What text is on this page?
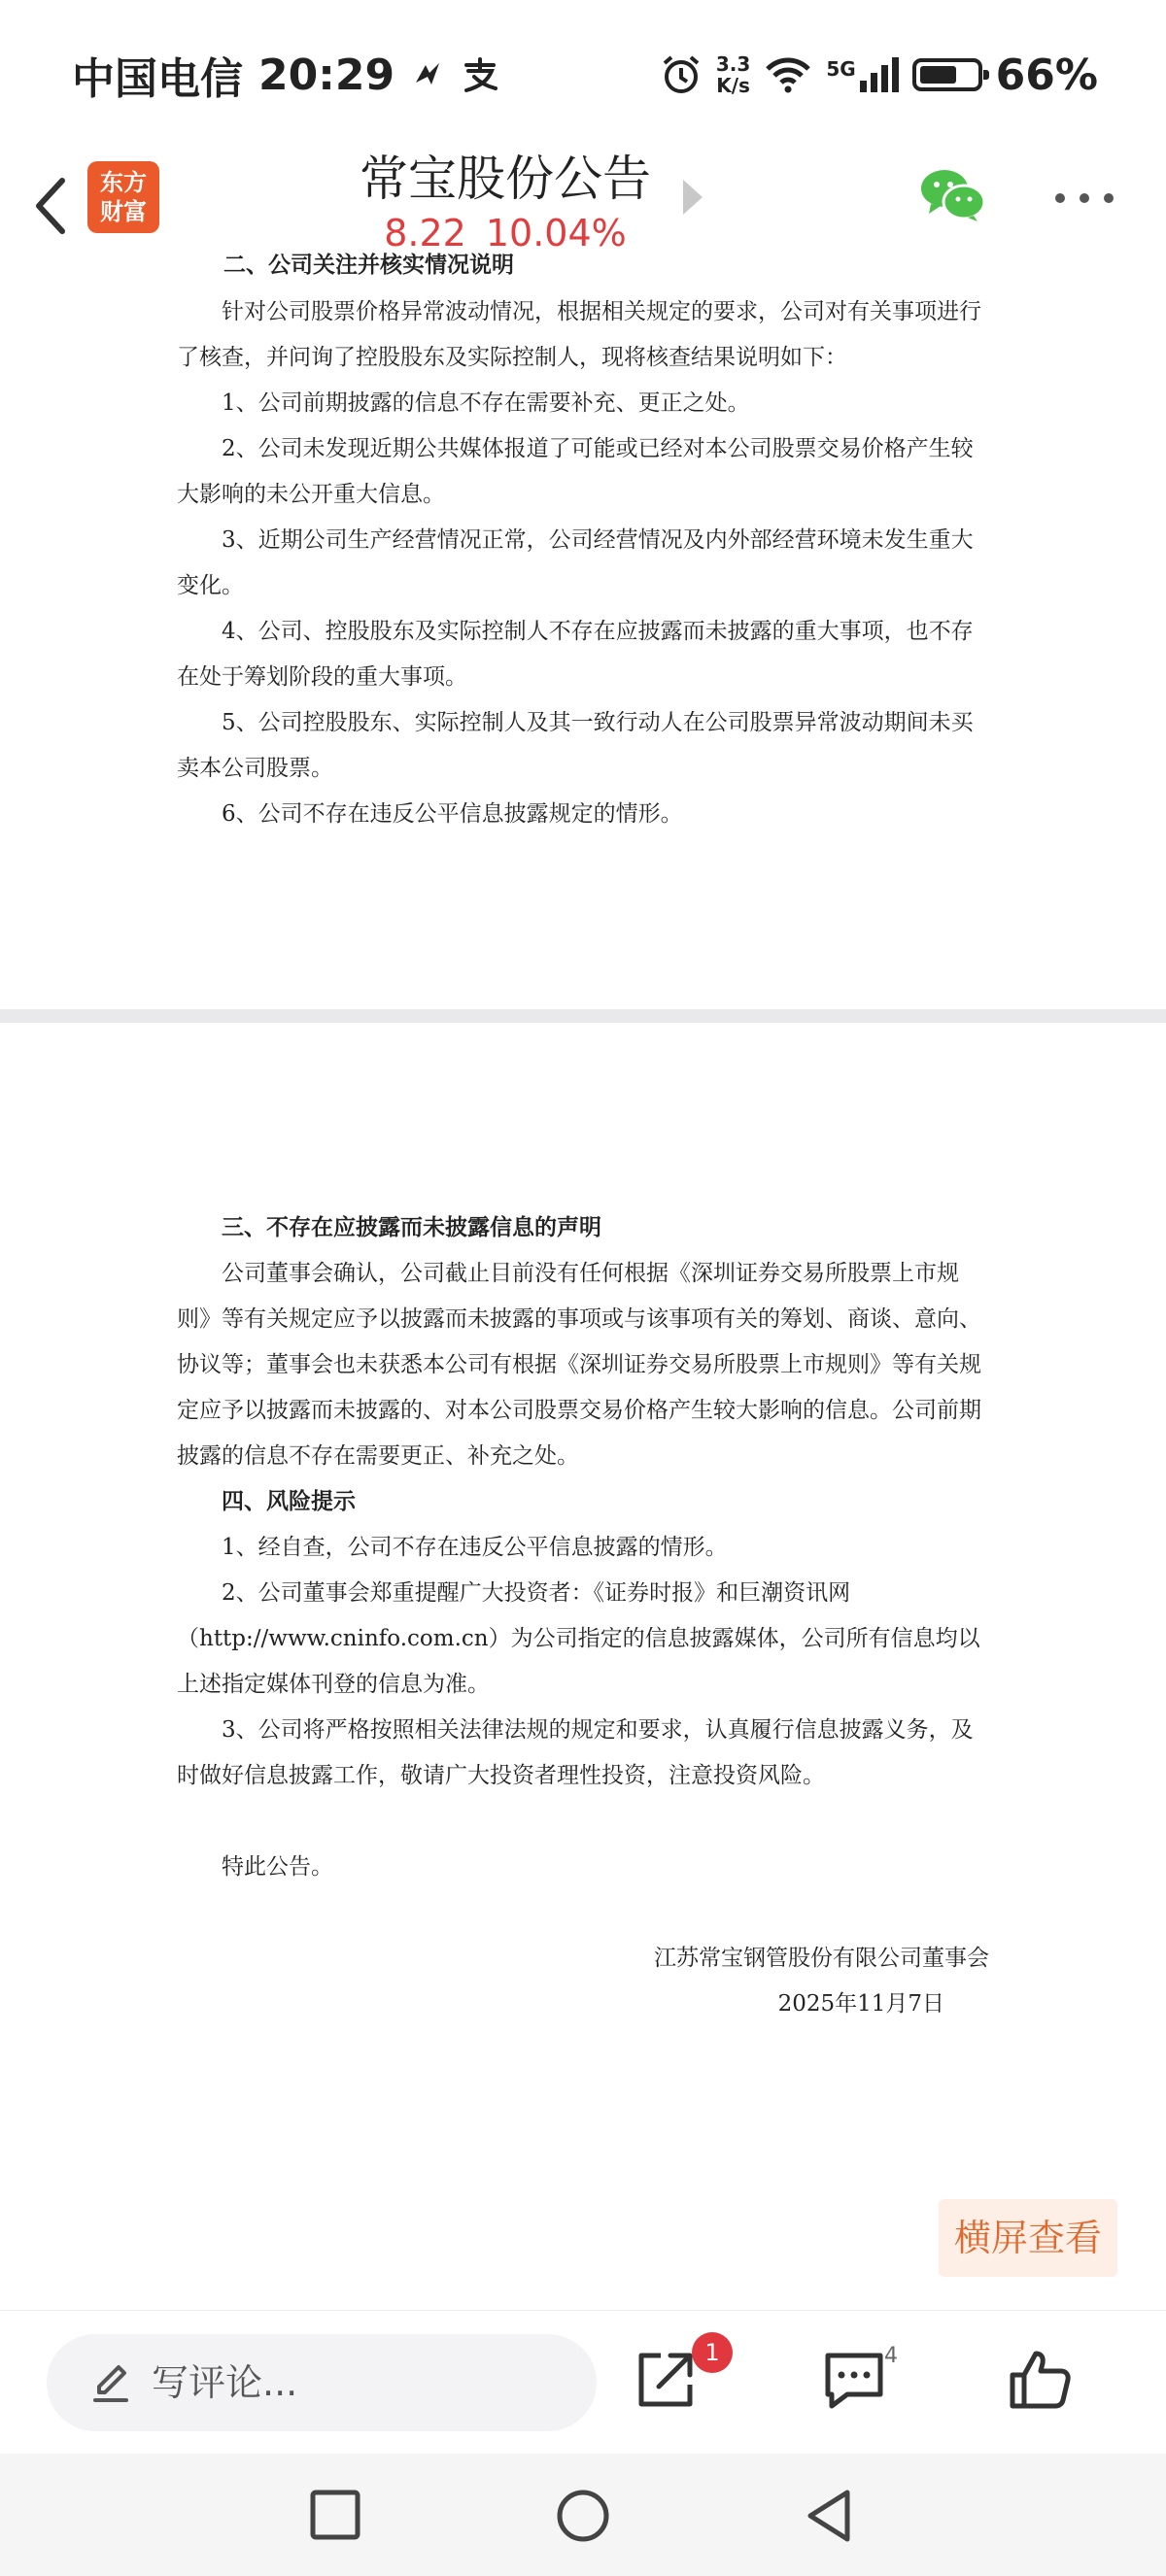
中国电信 20:29	3.3
K/s
5G	66%
东方
财富
常宝股份公告
8.22 10.04%
二、公司关注并核实情况说明

针对公司股票价格异常波动情况，根据相关规定的要求，公司对有关事项进行了核查，并问询了控股股东及实际控制人，现将核查结果说明如下：

1、公司前期披露的信息不存在需要补充、更正之处。

2、公司未发现近期公共媒体报道了可能或已经对本公司股票交易价格产生较大影响的未公开重大信息。

3、近期公司生产经营情况正常，公司经营情况及内外部经营环境未发生重大变化。

4、公司、控股股东及实际控制人不存在应披露而未披露的重大事项，也不存在处于筹划阶段的重大事项。

5、公司控股股东、实际控制人及其一致行动人在公司股票异常波动期间未买卖本公司股票。

6、公司不存在违反公平信息披露规定的情形。

三、不存在应披露而未披露信息的声明

公司董事会确认，公司截止目前没有任何根据《深圳证券交易所股票上市规则》等有关规定应予以披露而未披露的事项或与该事项有关的筹划、商谈、意向、协议等；董事会也未获悉本公司有根据《深圳证券交易所股票上市规则》等有关规定应予以披露而未披露的、对本公司股票交易价格产生较大影响的信息。公司前期披露的信息不存在需要更正、补充之处。

四、风险提示

1、经自查，公司不存在违反公平信息披露的情形。

2、公司董事会郑重提醒广大投资者：《证券时报》和巨潮资讯网（http://www.cninfo.com.cn）为公司指定的信息披露媒体，公司所有信息均以上述指定媒体刊登的信息为准。

3、公司将严格按照相关法律法规的规定和要求，认真履行信息披露义务，及时做好信息披露工作，敬请广大投资者理性投资，注意投资风险。

特此公告。

江苏常宝钢管股份有限公司董事会

2025年11月7日

横屏查看
写评论...
1	4
